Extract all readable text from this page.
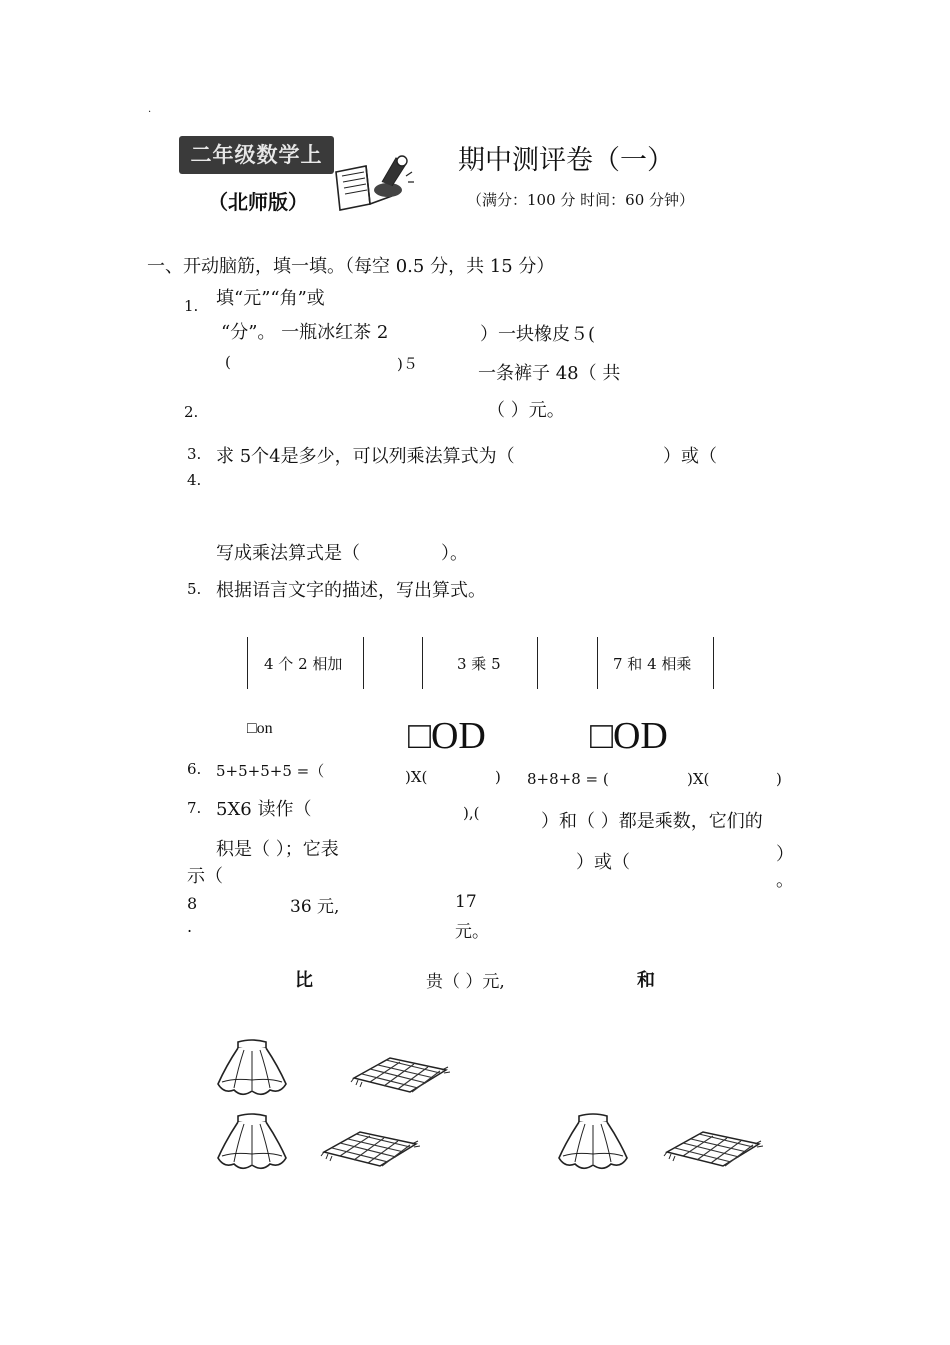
.
二年级数学上
（北师版）
期中测评卷（一）
（满分：100 分 时间：60 分钟）
一、开动脑筋，填一填。（每空 0.5 分，共 15 分）
1. 填“元”“角”或
“分”。 一瓶冰红茶 2
(	)５
）一块橡皮５(
一条裤子 48（ 共
（ ）元。
2.
3. 求 5个4是多少，可以列乘法算式为（	）或（
4.
写成乘法算式是（	）。
5. 根据语言文字的描述，写出算式。
4 个 2 相加	3 乘 5	7 和 4 相乘
□on	□OD	□OD
6. 5+5+5+5 =（	)X(	) 8+8+8 = (	)X(	)
7. 5X6 读作（	),(	）和（ ）都是乘数，它们的
积是（ ）；它表
）或（	）
示（	。
8
.
36 元,	17
元。
比	贵（ ）元,	和
